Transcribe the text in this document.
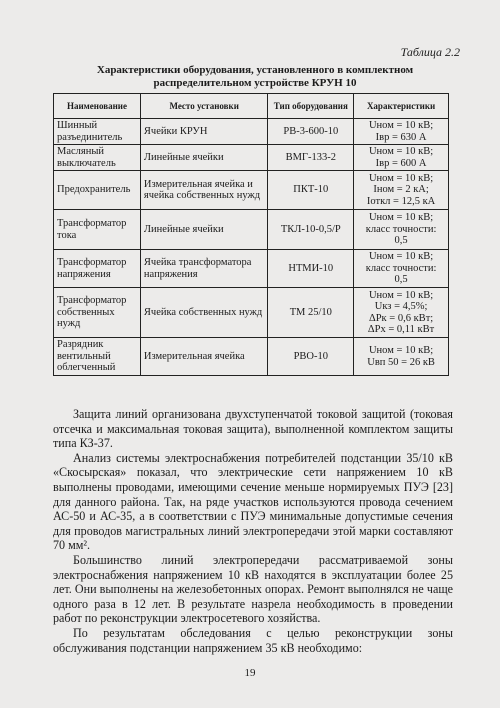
Таблица 2.2
Характеристики оборудования, установленного в комплектном распределительном устройстве КРУН 10
Наименование	Место установки	Тип оборудования	Характеристики
Шинный разъединитель	Ячейки КРУН	РВ-3-600-10	Uном = 10 кВ;
Iвр = 630 А

Масляный выключатель	Линейные ячейки	ВМГ-133-2	Uном = 10 кВ;
Iвр = 600 А

Предохранитель	Измерительная ячейка и ячейка собственных нужд	ПКТ-10	Uном = 10 кВ;
Iном = 2 кА;
Iоткл = 12,5 кА

Трансформатор тока	Линейные ячейки	ТКЛ-10-0,5/Р	Uном = 10 кВ;
класс точности:
0,5

Трансформатор напряжения	Ячейка трансформатора напряжения	НТМИ-10	Uном = 10 кВ;
класс точности:
0,5

Трансформатор собственных нужд	Ячейка собственных нужд	ТМ 25/10	Uном = 10 кВ;
Uкз = 4,5%;
ΔPк = 0,6 кВт;
ΔPх = 0,11 кВт

Разрядник вентильный облегченный	Измерительная ячейка	РВО-10	Uном = 10 кВ;
Uвп 50 = 26 кВ

Защита линий организована двухступенчатой токовой защитой (токовая отсечка и максимальная токовая защита), выполненной комплектом защиты типа КЗ-37.

Анализ системы электроснабжения потребителей подстанции 35/10 кВ «Скосырская» показал, что электрические сети напряжением 10 кВ выполнены проводами, имеющими сечение меньше нормируемых ПУЭ [23] для данного района. Так, на ряде участков используются провода сечением АС-50 и АС-35, а в соответствии с ПУЭ минимальные допустимые сечения для проводов магистральных линий электропередачи этой марки составляют 70 мм².

Большинство линий электропередачи рассматриваемой зоны электроснабжения напряжением 10 кВ находятся в эксплуатации более 25 лет. Они выполнены на железобетонных опорах. Ремонт выполнялся не чаще одного раза в 12 лет. В результате назрела необходимость в проведении работ по реконструкции электросетевого хозяйства.

По результатам обследования с целью реконструкции зоны обслуживания подстанции напряжением 35 кВ необходимо:

19
